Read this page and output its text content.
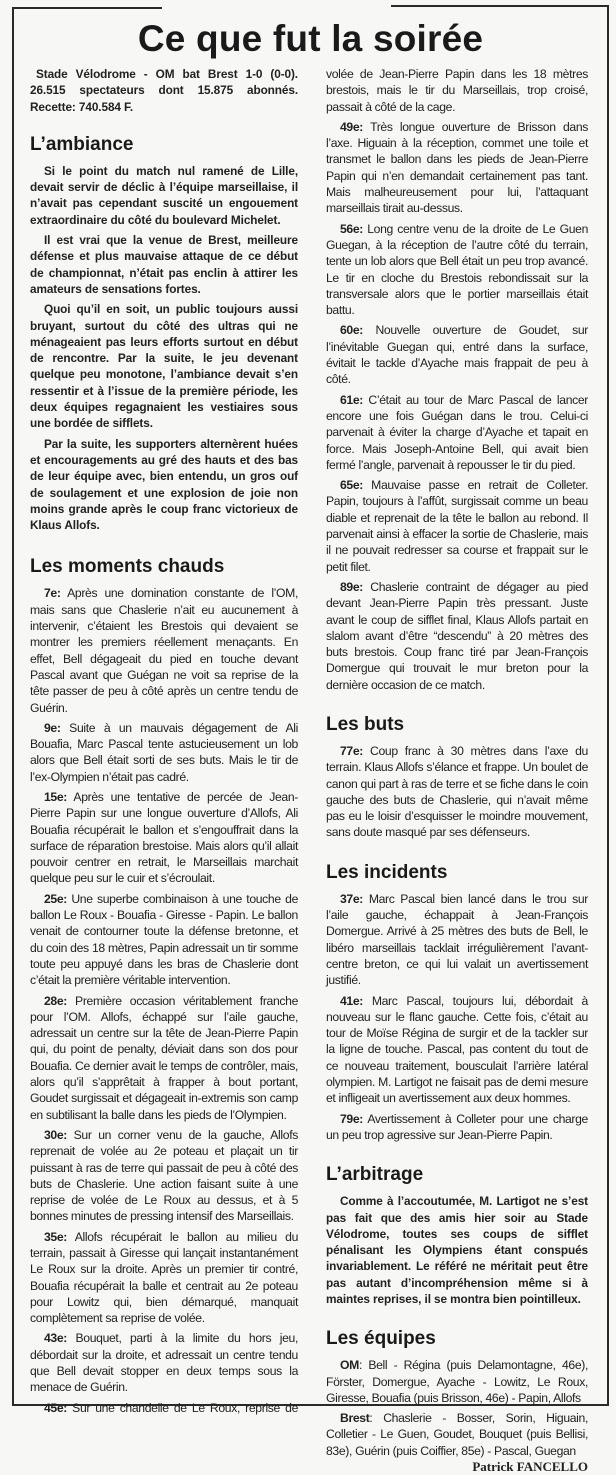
Ce que fut la soirée

Stade Vélodrome - OM bat Brest 1-0 (0-0). 26.515 spectateurs dont 15.875 abonnés. Recette: 740.584 F.

L’ambiance

Si le point du match nul ramené de Lille, devait servir de déclic à l’équipe marseillaise, il n’avait pas cependant suscité un engouement extraordinaire du côté du boulevard Michelet.

Il est vrai que la venue de Brest, meilleure défense et plus mauvaise attaque de ce début de championnat, n’était pas enclin à attirer les amateurs de sensations fortes.

Quoi qu’il en soit, un public toujours aussi bruyant, surtout du côté des ultras qui ne ménageaient pas leurs efforts surtout en début de rencontre. Par la suite, le jeu devenant quelque peu monotone, l’ambiance devait s’en ressentir et à l’issue de la première période, les deux équipes regagnaient les vestiaires sous une bordée de sifflets.

Par la suite, les supporters alternèrent huées et encouragements au gré des hauts et des bas de leur équipe avec, bien entendu, un gros ouf de soulagement et une explosion de joie non moins grande après le coup franc victorieux de Klaus Allofs.

Les moments chauds

7e: Après une domination constante de l’OM, mais sans que Chaslerie n’ait eu aucunement à intervenir, c’étaient les Brestois qui devaient se montrer les premiers réellement menaçants. En effet, Bell dégageait du pied en touche devant Pascal avant que Guégan ne voit sa reprise de la tête passer de peu à côté après un centre tendu de Guérin.

9e: Suite à un mauvais dégagement de Ali Bouafia, Marc Pascal tente astucieusement un lob alors que Bell était sorti de ses buts. Mais le tir de l’ex-Olympien n’était pas cadré.

15e: Après une tentative de percée de Jean-Pierre Papin sur une longue ouverture d’Allofs, Ali Bouafia récupérait le ballon et s’engouffrait dans la surface de réparation brestoise. Mais alors qu’il allait pouvoir centrer en retrait, le Marseillais marchait quelque peu sur le cuir et s’écroulait.

25e: Une superbe combinaison à une touche de ballon Le Roux - Bouafia - Giresse - Papin. Le ballon venait de contourner toute la défense bretonne, et du coin des 18 mètres, Papin adressait un tir somme toute peu appuyé dans les bras de Chaslerie dont c’était la première véritable intervention.

28e: Première occasion véritablement franche pour l’OM. Allofs, échappé sur l’aile gauche, adressait un centre sur la tête de Jean-Pierre Papin qui, du point de penalty, déviait dans son dos pour Bouafia. Ce dernier avait le temps de contrôler, mais, alors qu’il s’apprêtait à frapper à bout portant, Goudet surgissait et dégageait in-extremis son camp en subtilisant la balle dans les pieds de l’Olympien.

30e: Sur un corner venu de la gauche, Allofs reprenait de volée au 2e poteau et plaçait un tir puissant à ras de terre qui passait de peu à côté des buts de Chaslerie. Une action faisant suite à une reprise de volée de Le Roux au dessus, et à 5 bonnes minutes de pressing intensif des Marseillais.

35e: Allofs récupérait le ballon au milieu du terrain, passait à Giresse qui lançait instantanément Le Roux sur la droite. Après un premier tir contré, Bouafia récupérait la balle et centrait au 2e poteau pour Lowitz qui, bien démarqué, manquait complètement sa reprise de volée.

43e: Bouquet, parti à la limite du hors jeu, débordait sur la droite, et adressait un centre tendu que Bell devait stopper en deux temps sous la menace de Guérin.

45e: Sur une chandelle de Le Roux, reprise de

volée de Jean-Pierre Papin dans les 18 mètres brestois, mais le tir du Marseillais, trop croisé, passait à côté de la cage.

49e: Très longue ouverture de Brisson dans l’axe. Higuain à la réception, commet une toile et transmet le ballon dans les pieds de Jean-Pierre Papin qui n’en demandait certainement pas tant. Mais malheureusement pour lui, l’attaquant marseillais tirait au-dessus.

56e: Long centre venu de la droite de Le Guen Guegan, à la réception de l’autre côté du terrain, tente un lob alors que Bell était un peu trop avancé. Le tir en cloche du Brestois rebondissait sur la transversale alors que le portier marseillais était battu.

60e: Nouvelle ouverture de Goudet, sur l’inévitable Guegan qui, entré dans la surface, évitait le tackle d’Ayache mais frappait de peu à côté.

61e: C’était au tour de Marc Pascal de lancer encore une fois Guégan dans le trou. Celui-ci parvenait à éviter la charge d’Ayache et tapait en force. Mais Joseph-Antoine Bell, qui avait bien fermé l’angle, parvenait à repousser le tir du pied.

65e: Mauvaise passe en retrait de Colleter. Papin, toujours à l’affût, surgissait comme un beau diable et reprenait de la tête le ballon au rebond. Il parvenait ainsi à effacer la sortie de Chaslerie, mais il ne pouvait redresser sa course et frappait sur le petit filet.

89e: Chaslerie contraint de dégager au pied devant Jean-Pierre Papin très pressant. Juste avant le coup de sifflet final, Klaus Allofs partait en slalom avant d’être “descendu” à 20 mètres des buts brestois. Coup franc tiré par Jean-François Domergue qui trouvait le mur breton pour la dernière occasion de ce match.

Les buts

77e: Coup franc à 30 mètres dans l’axe du terrain. Klaus Allofs s’élance et frappe. Un boulet de canon qui part à ras de terre et se fiche dans le coin gauche des buts de Chaslerie, qui n’avait même pas eu le loisir d’esquisser le moindre mouvement, sans doute masqué par ses défenseurs.

Les incidents

37e: Marc Pascal bien lancé dans le trou sur l’aile gauche, échappait à Jean-François Domergue. Arrivé à 25 mètres des buts de Bell, le libéro marseillais tacklait irrégulièrement l’avant-centre breton, ce qui lui valait un avertissement justifié.

41e: Marc Pascal, toujours lui, débordait à nouveau sur le flanc gauche. Cette fois, c’était au tour de Moïse Régina de surgir et de la tackler sur la ligne de touche. Pascal, pas content du tout de ce nouveau traitement, bousculait l’arrière latéral olympien. M. Lartigot ne faisait pas de demi mesure et infligeait un avertissement aux deux hommes.

79e: Avertissement à Colleter pour une charge un peu trop agressive sur Jean-Pierre Papin.

L’arbitrage

Comme à l’accoutumée, M. Lartigot ne s’est pas fait que des amis hier soir au Stade Vélodrome, toutes ses coups de sifflet pénalisant les Olympiens étant conspués invariablement. Le référé ne méritait peut être pas autant d’incompréhension même si à maintes reprises, il se montra bien pointilleux.

Les équipes

OM: Bell - Régina (puis Delamontagne, 46e), Förster, Domergue, Ayache - Lowitz, Le Roux, Giresse, Bouafia (puis Brisson, 46e) - Papin, Allofs

Brest: Chaslerie - Bosser, Sorin, Higuain, Colletier - Le Guen, Goudet, Bouquet (puis Bellisi, 83e), Guérin (puis Coiffier, 85e) - Pascal, Guegan

Patrick FANCELLO
